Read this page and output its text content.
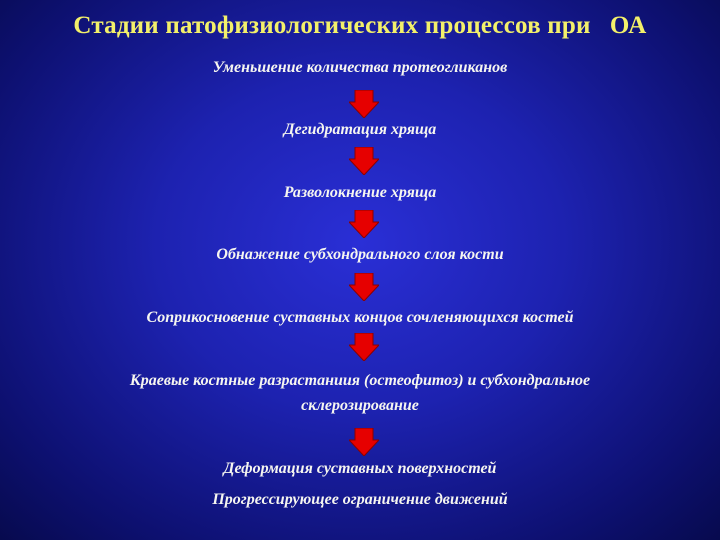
Стадии патофизиологических процессов при   ОА
Уменьшение количества протеогликанов
Дегидратация хряща
Разволокнение хряща
Обнажение субхондрального слоя кости
Соприкосновение суставных концов сочленяющихся костей
Краевые костные разрастаниия (остеофитоз) и субхондральное
склерозирование
Деформация суставных поверхностей
Прогрессирующее ограничение движений
